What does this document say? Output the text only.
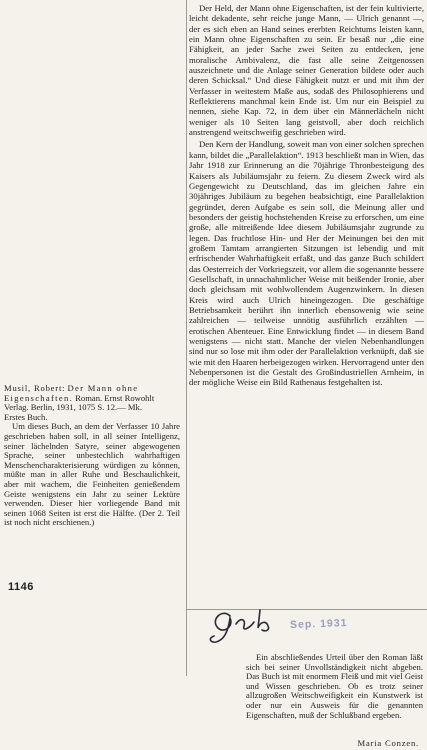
Musil, Robert: Der Mann ohne Eigenschaften. Roman. Ernst Rowohlt Verlag. Berlin, 1931, 1075 S. 12.— Mk.

Erstes Buch.

Um dieses Buch, an dem der Verfasser 10 Jahre geschrieben haben soll, in all seiner Intelligenz, seiner lächelnden Satyre, seiner abgewogenen Sprache, seiner unbestechlich wahrhaftigen Menschencharakterisierung würdigen zu können, müßte man in aller Ruhe und Beschaulichkeit, aber mit wachem, die Feinheiten genießendem Geiste wenigstens ein Jahr zu seiner Lektüre verwenden. Dieser hier vorliegende Band mit seinen 1068 Seiten ist erst die Hälfte. (Der 2. Teil ist noch nicht erschienen.)

1146

Der Held, der Mann ohne Eigenschaften, ist der fein kultivierte, leicht dekadente, sehr reiche junge Mann, — Ulrich genannt —, der es sich eben an Hand seines ererbten Reichtums leisten kann, ein Mann ohne Eigenschaften zu sein. Er besaß nur „die eine Fähigkeit, an jeder Sache zwei Seiten zu entdecken, jene moralische Ambivalenz, die fast alle seine Zeitgenossen auszeichnete und die Anlage seiner Generation bildete oder auch deren Schicksal.“ Und diese Fähigkeit nutzt er und mit ihm der Verfasser in weitestem Maße aus, sodaß des Philosophierens und Reflektierens manchmal kein Ende ist. Um nur ein Beispiel zu nennen, siehe Kap. 72, in dem über ein Männerlächeln nicht weniger als 10 Seiten lang geistvoll, aber doch reichlich anstrengend weitschweifig geschrieben wird.

Den Kern der Handlung, soweit man von einer solchen sprechen kann, bildet die „Parallelaktion“. 1913 beschließt man in Wien, das Jahr 1918 zur Erinnerung an die 70jährige Thronbesteigung des Kaisers als Jubiläumsjahr zu feiern. Zu diesem Zweck wird als Gegengewicht zu Deutschland, das im gleichen Jahre ein 30jähriges Jubiläum zu begehen beabsichtigt, eine Parallelaktion gegründet, deren Aufgabe es sein soll, die Meinung aller und besonders der geistig hochstehenden Kreise zu erforschen, um eine große, alle mitreißende Idee diesem Jubiläumsjahr zugrunde zu legen. Das fruchtlose Hin- und Her der Meinungen bei den mit großem Tamtam arrangierten Sitzungen ist lebendig und mit erfrischender Wahrhaftigkeit erfaßt, und das ganze Buch schildert das Oesterreich der Vorkriegszeit, vor allem die sogenannte bessere Gesellschaft, in unnachahmlicher Weise mit beißender Ironie, aber doch gleichsam mit wohlwollendem Augenzwinkern. In diesen Kreis wird auch Ulrich hineingezogen. Die geschäftige Betriebsamkeit berührt ihn innerlich ebensowenig wie seine zahlreichen — teilweise unnötig ausführlich erzählten — erotischen Abenteuer. Eine Entwicklung findet — in diesem Band wenigstens — nicht statt. Manche der vielen Nebenhandlungen sind nur so lose mit ihm oder der Parallelaktion verknüpft, daß sie wie mit den Haaren herbeigezogen wirken. Hervorragend unter den Nebenpersonen ist die Gestalt des Großindustriellen Arnheim, in der mögliche Weise ein Bild Rathenaus festgehalten ist.

Sep. 1931

Ein abschließendes Urteil über den Roman läßt sich bei seiner Unvollständigkeit nicht abgeben. Das Buch ist mit enormem Fleiß und mit viel Geist und Wissen geschrieben. Ob es trotz seiner allzugroßen Weitschweifigkeit ein Kunstwerk ist oder nur ein Ausweis für die genannten Eigenschaften, muß der Schlußband ergeben.

Maria Conzen.
